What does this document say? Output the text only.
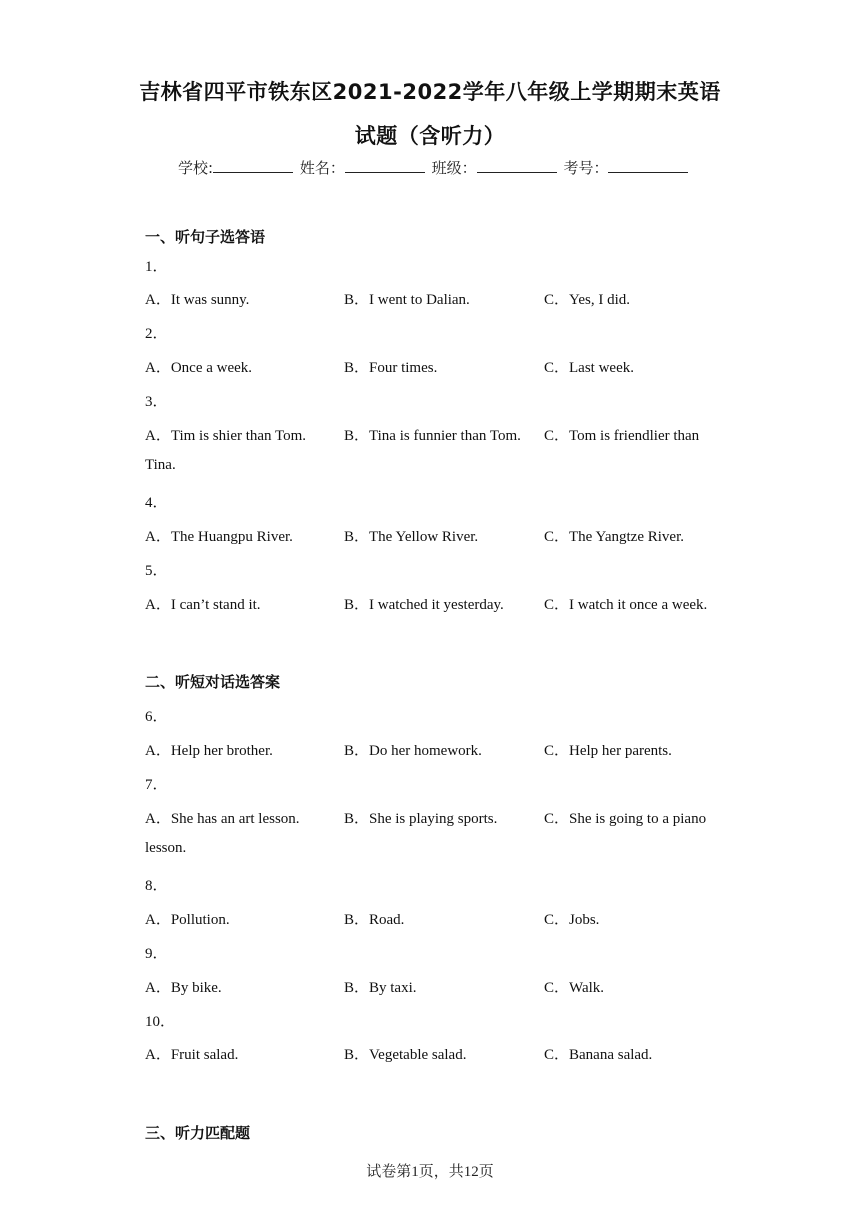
吉林省四平市铁东区2021-2022学年八年级上学期期末英语
试题（含听力）
学校:	姓名：	班级：	考号：
一、听句子选答语
1．
A．It was sunny.	B．I went to Dalian.	C．Yes, I did.
2．
A．Once a week.	B．Four times.	C．Last week.
3．
A．Tim is shier than Tom.	B．Tina is funnier than Tom. C．Tom is friendlier than
Tina.
4．
A．The Huangpu River.	B．The Yellow River.	C．The Yangtze River.
5．
A．I can’t stand it.	B．I watched it yesterday.	C．I watch it once a week.
二、听短对话选答案
6．
A．Help her brother.	B．Do her homework.	C．Help her parents.
7．
A．She has an art lesson.	B．She is playing sports.	C．She is going to a piano
lesson.
8．
A．Pollution.	B．Road.	C．Jobs.
9．
A．By bike.	B．By taxi.	C．Walk.
10．
A．Fruit salad.	B．Vegetable salad.	C．Banana salad.
三、听力匹配题
试卷第1页，共12页
